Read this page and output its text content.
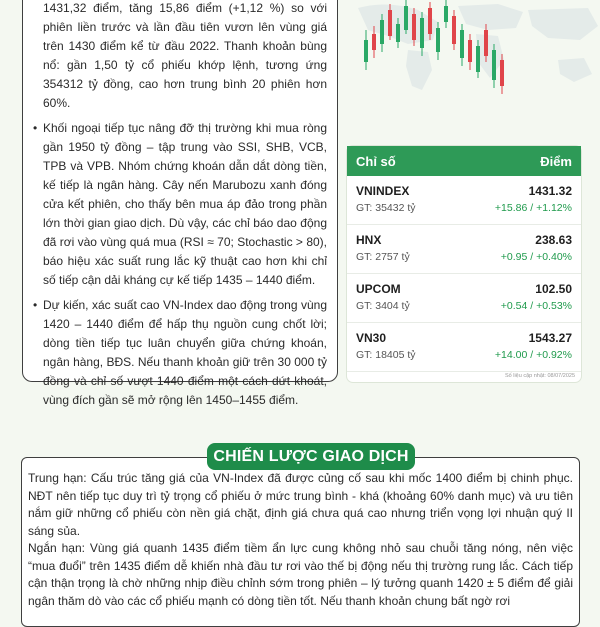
1431,32 điểm, tăng 15,86 điểm (+1,12 %) so với phiên liền trước và lần đầu tiên vươn lên vùng giá trên 1430 điểm kể từ đầu 2022. Thanh khoản bùng nổ: gần 1,50 tỷ cổ phiếu khớp lệnh, tương ứng 354312 tỷ đồng, cao hơn trung bình 20 phiên hơn 60%.

• Khối ngoại tiếp tục nâng đỡ thị trường khi mua ròng gần 1950 tỷ đồng – tập trung vào SSI, SHB, VCB, TPB và VPB. Nhóm chứng khoán dẫn dắt dòng tiền, kế tiếp là ngân hàng. Cây nến Marubozu xanh đóng cửa kết phiên, cho thấy bên mua áp đảo trong phần lớn thời gian giao dịch. Dù vậy, các chỉ báo dao động đã rơi vào vùng quá mua (RSI ≈ 70; Stochastic > 80), báo hiệu xác suất rung lắc kỹ thuật cao hơn khi chỉ số tiếp cận dải kháng cự kế tiếp 1435 – 1440 điểm.
• Dự kiến, xác suất cao VN-Index dao động trong vùng 1420 – 1440 điểm để hấp thụ nguồn cung chốt lời; dòng tiền tiếp tục luân chuyển giữa chứng khoán, ngân hàng, BĐS. Nếu thanh khoản giữ trên 30 000 tỷ đồng và chỉ số vượt 1440 điểm một cách dứt khoát, vùng đích gần sẽ mở rộng lên 1450–1455 điểm.
Chỉ số	Điểm
VNINDEX	1431.32
GT: 35432 tỷ	+15.86 / +1.12%
HNX	238.63
GT: 2757 tỷ	+0.95 / +0.40%
UPCOM	102.50
GT: 3404 tỷ	+0.54 / +0.53%
VN30	1543.27
GT: 18405 tỷ	+14.00 / +0.92%
Số liệu cập nhật: 08/07/2025
CHIẾN LƯỢC GIAO DỊCH

Trung hạn: Cấu trúc tăng giá của VN-Index đã được củng cố sau khi mốc 1400 điểm bị chinh phục. NĐT nên tiếp tục duy trì tỷ trọng cổ phiếu ở mức trung bình - khá (khoảng 60% danh mục) và ưu tiên nắm giữ những cổ phiếu còn nền giá chặt, định giá chưa quá cao nhưng triển vọng lợi nhuận quý II sáng sủa.

Ngắn hạn: Vùng giá quanh 1435 điểm tiềm ẩn lực cung không nhỏ sau chuỗi tăng nóng, nên việc “mua đuổi” trên 1435 điểm dễ khiến nhà đầu tư rơi vào thế bị động nếu thị trường rung lắc. Cách tiếp cận thận trọng là chờ những nhịp điều chỉnh sớm trong phiên – lý tưởng quanh 1420 ± 5 điểm để giải ngân thăm dò vào các cổ phiếu mạnh có dòng tiền tốt. Nếu thanh khoản chung bất ngờ rơi
